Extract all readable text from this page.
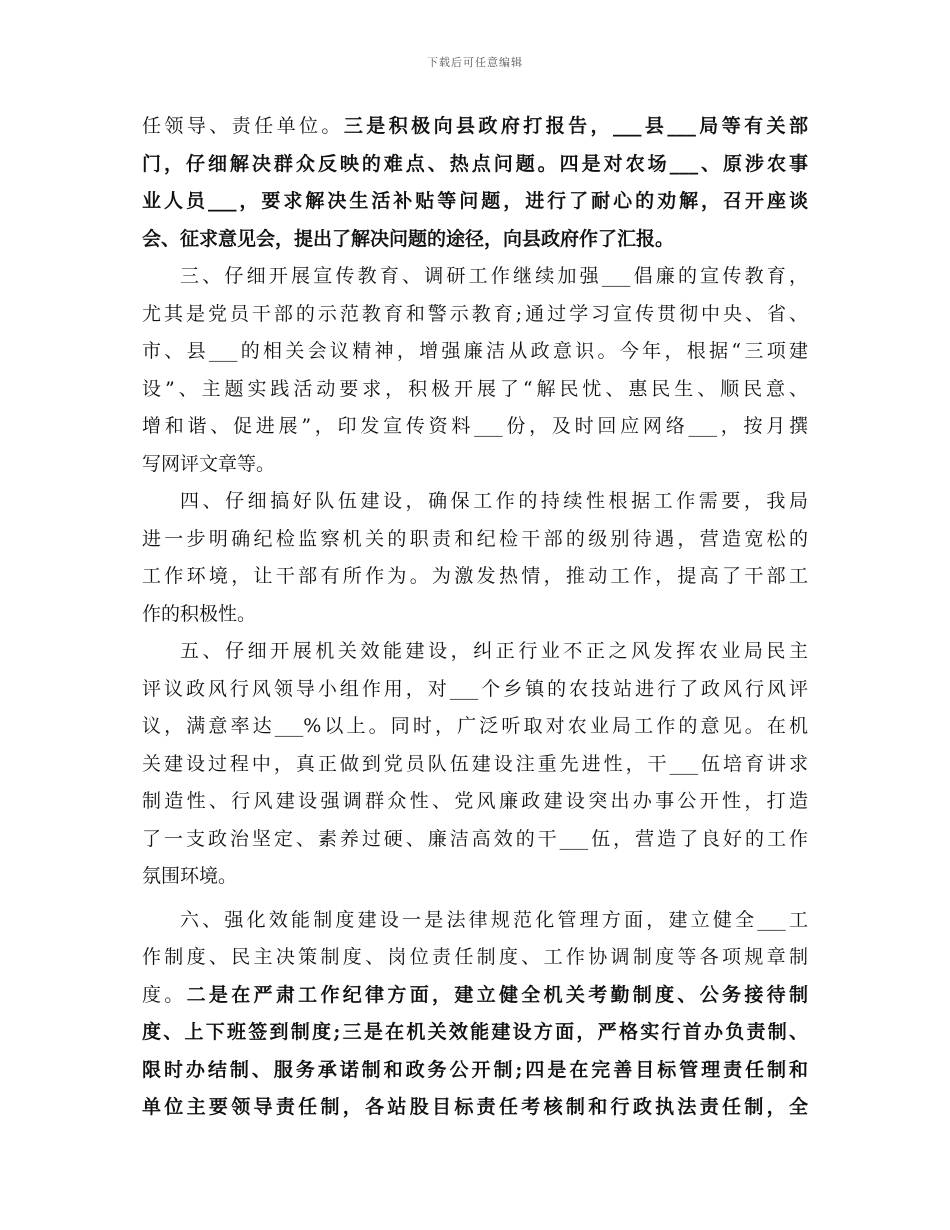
下载后可任意编辑
任领导、责任单位。三是积极向县政府打报告，___县___局等有关部
门，仔细解决群众反映的难点、热点问题。四是对农场___、原涉农事
业人员___，要求解决生活补贴等问题，进行了耐心的劝解，召开座谈
会、征求意见会，提出了解决问题的途径，向县政府作了汇报。
三、仔细开展宣传教育、调研工作继续加强___倡廉的宣传教育，
尤其是党员干部的示范教育和警示教育;通过学习宣传贯彻中央、省、
市、县___的相关会议精神，增强廉洁从政意识。今年，根据“三项建
设”、主题实践活动要求，积极开展了“解民忧、惠民生、顺民意、
增和谐、促进展”，印发宣传资料___份，及时回应网络___，按月撰
写网评文章等。
四、仔细搞好队伍建设，确保工作的持续性根据工作需要，我局
进一步明确纪检监察机关的职责和纪检干部的级别待遇，营造宽松的
工作环境，让干部有所作为。为激发热情，推动工作，提高了干部工
作的积极性。
五、仔细开展机关效能建设，纠正行业不正之风发挥农业局民主
评议政风行风领导小组作用，对___个乡镇的农技站进行了政风行风评
议，满意率达___%以上。同时，广泛听取对农业局工作的意见。在机
关建设过程中，真正做到党员队伍建设注重先进性，干___伍培育讲求
制造性、行风建设强调群众性、党风廉政建设突出办事公开性，打造
了一支政治坚定、素养过硬、廉洁高效的干___伍，营造了良好的工作
氛围环境。
六、强化效能制度建设一是法律规范化管理方面，建立健全___工
作制度、民主决策制度、岗位责任制度、工作协调制度等各项规章制
度。二是在严肃工作纪律方面，建立健全机关考勤制度、公务接待制
度、上下班签到制度;三是在机关效能建设方面，严格实行首办负责制、
限时办结制、服务承诺制和政务公开制;四是在完善目标管理责任制和
单位主要领导责任制，各站股目标责任考核制和行政执法责任制，全
